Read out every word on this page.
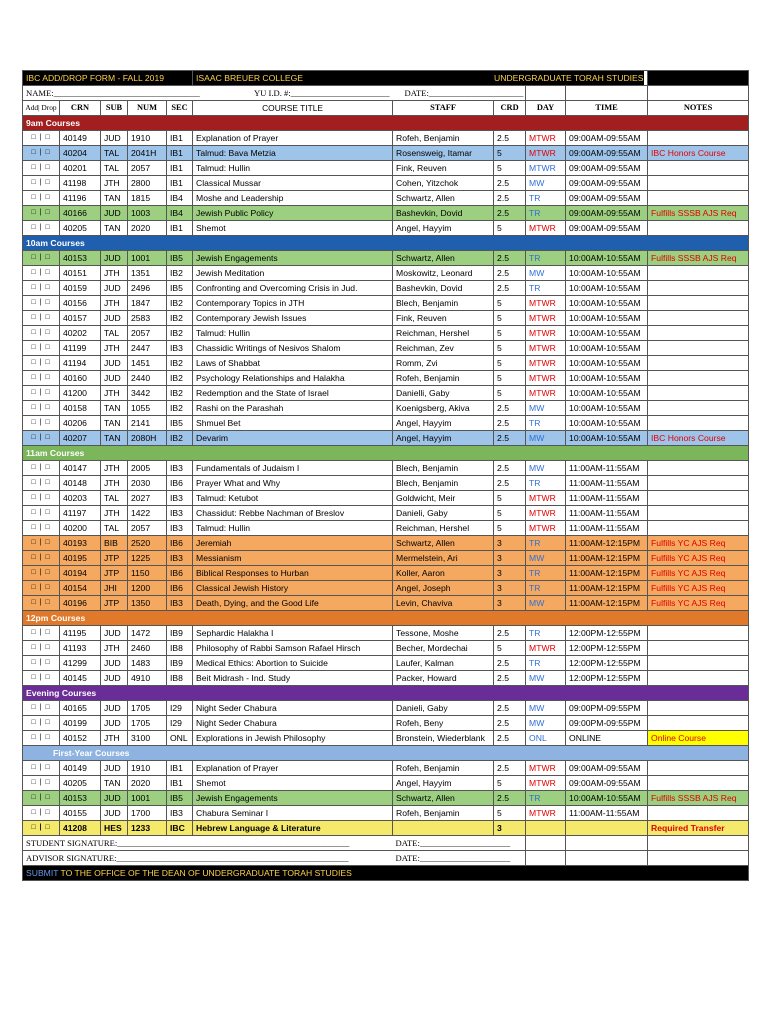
IBC ADD/DROP FORM - FALL 2019	ISAAC BREUER COLLEGE	UNDERGRADUATE TORAH STUDIES	
NAME:__________________________________	YU I.D. #:_______________________	DATE:______________________			
Add| Drop	CRN	SUB	NUM	SEC	COURSE TITLE	STAFF	CRD	DAY	TIME	NOTES
9am Courses
□ | □	40149	JUD	1910	IB1	Explanation of Prayer	Rofeh, Benjamin	2.5	MTWR	09:00AM-09:55AM	
□ | □	40204	TAL	2041H	IB1	Talmud: Bava Metzia	Rosensweig, Itamar	5	MTWR	09:00AM-09:55AM	IBC Honors Course
□ | □	40201	TAL	2057	IB1	Talmud: Hullin	Fink, Reuven	5	MTWR	09:00AM-09:55AM	
□ | □	41198	JTH	2800	IB1	Classical Mussar	Cohen, Yitzchok	2.5	MW	09:00AM-09:55AM	
□ | □	41196	TAN	1815	IB4	Moshe and Leadership	Schwartz, Allen	2.5	TR	09:00AM-09:55AM	
□ | □	40166	JUD	1003	IB4	Jewish Public Policy	Bashevkin, Dovid	2.5	TR	09:00AM-09:55AM	Fulfills SSSB AJS Req
□ | □	40205	TAN	2020	IB1	Shemot	Angel, Hayyim	5	MTWR	09:00AM-09:55AM	
10am Courses
□ | □	40153	JUD	1001	IB5	Jewish Engagements	Schwartz, Allen	2.5	TR	10:00AM-10:55AM	Fulfills SSSB AJS Req
□ | □	40151	JTH	1351	IB2	Jewish Meditation	Moskowitz, Leonard	2.5	MW	10:00AM-10:55AM	
□ | □	40159	JUD	2496	IB5	Confronting and Overcoming Crisis in Jud.	Bashevkin, Dovid	2.5	TR	10:00AM-10:55AM	
□ | □	40156	JTH	1847	IB2	Contemporary Topics in JTH	Blech, Benjamin	5	MTWR	10:00AM-10:55AM	
□ | □	40157	JUD	2583	IB2	Contemporary Jewish Issues	Fink, Reuven	5	MTWR	10:00AM-10:55AM	
□ | □	40202	TAL	2057	IB2	Talmud: Hullin	Reichman, Hershel	5	MTWR	10:00AM-10:55AM	
□ | □	41199	JTH	2447	IB3	Chassidic Writings of Nesivos Shalom	Reichman, Zev	5	MTWR	10:00AM-10:55AM	
□ | □	41194	JUD	1451	IB2	Laws of Shabbat	Romm, Zvi	5	MTWR	10:00AM-10:55AM	
□ | □	40160	JUD	2440	IB2	Psychology Relationships and Halakha	Rofeh, Benjamin	5	MTWR	10:00AM-10:55AM	
□ | □	41200	JTH	3442	IB2	Redemption and the State of Israel	Danielli, Gaby	5	MTWR	10:00AM-10:55AM	
□ | □	40158	TAN	1055	IB2	Rashi on the Parashah	Koenigsberg, Akiva	2.5	MW	10:00AM-10:55AM	
□ | □	40206	TAN	2141	IB5	Shmuel Bet	Angel, Hayyim	2.5	TR	10:00AM-10:55AM	
□ | □	40207	TAN	2080H	IB2	Devarim	Angel, Hayyim	2.5	MW	10:00AM-10:55AM	IBC Honors Course
11am Courses
□ | □	40147	JTH	2005	IB3	Fundamentals of Judaism I	Blech, Benjamin	2.5	MW	11:00AM-11:55AM	
□ | □	40148	JTH	2030	IB6	Prayer What and Why	Blech, Benjamin	2.5	TR	11:00AM-11:55AM	
□ | □	40203	TAL	2027	IB3	Talmud: Ketubot	Goldwicht, Meir	5	MTWR	11:00AM-11:55AM	
□ | □	41197	JTH	1422	IB3	Chassidut: Rebbe Nachman of Breslov	Danieli, Gaby	5	MTWR	11:00AM-11:55AM	
□ | □	40200	TAL	2057	IB3	Talmud: Hullin	Reichman, Hershel	5	MTWR	11:00AM-11:55AM	
□ | □	40193	BIB	2520	IB6	Jeremiah	Schwartz, Allen	3	TR	11:00AM-12:15PM	Fulfills YC AJS Req
□ | □	40195	JTP	1225	IB3	Messianism	Mermelstein, Ari	3	MW	11:00AM-12:15PM	Fulfills YC AJS Req
□ | □	40194	JTP	1150	IB6	Biblical Responses to Hurban	Koller, Aaron	3	TR	11:00AM-12:15PM	Fulfills YC AJS Req
□ | □	40154	JHI	1200	IB6	Classical Jewish History	Angel, Joseph	3	TR	11:00AM-12:15PM	Fulfills YC AJS Req
□ | □	40196	JTP	1350	IB3	Death, Dying, and the Good Life	Levin, Chaviva	3	MW	11:00AM-12:15PM	Fulfills YC AJS Req
12pm Courses
□ | □	41195	JUD	1472	IB9	Sephardic Halakha I	Tessone, Moshe	2.5	TR	12:00PM-12:55PM	
□ | □	41193	JTH	2460	IB8	Philosophy of Rabbi Samson Rafael Hirsch	Becher, Mordechai	5	MTWR	12:00PM-12:55PM	
□ | □	41299	JUD	1483	IB9	Medical Ethics: Abortion to Suicide	Laufer, Kalman	2.5	TR	12:00PM-12:55PM	
□ | □	40145	JUD	4910	IB8	Beit Midrash - Ind. Study	Packer, Howard	2.5	MW	12:00PM-12:55PM	
Evening Courses
□ | □	40165	JUD	1705	I29	Night Seder Chabura	Danieli, Gaby	2.5	MW	09:00PM-09:55PM	
□ | □	40199	JUD	1705	I29	Night Seder Chabura	Rofeh, Beny	2.5	MW	09:00PM-09:55PM	
□ | □	40152	JTH	3100	ONL	Explorations in Jewish Philosophy	Bronstein, Wiederblank	2.5	ONL	ONLINE	Online Course
First-Year Courses
□ | □	40149	JUD	1910	IB1	Explanation of Prayer	Rofeh, Benjamin	2.5	MTWR	09:00AM-09:55AM	
□ | □	40205	TAN	2020	IB1	Shemot	Angel, Hayyim	5	MTWR	09:00AM-09:55AM	
□ | □	40153	JUD	1001	IB5	Jewish Engagements	Schwartz, Allen	2.5	TR	10:00AM-10:55AM	Fulfills SSSB AJS Req
□ | □	40155	JUD	1700	IB3	Chabura Seminar I	Rofeh, Benjamin	5	MTWR	11:00AM-11:55AM	
□ | □	41208	HES	1233	IBC	Hebrew Language & Literature		3			Required Transfer
STUDENT SIGNATURE:______________________________________________________	DATE:_____________________			
ADVISOR SIGNATURE:______________________________________________________	DATE:_____________________			
SUBMIT TO THE OFFICE OF THE DEAN OF UNDERGRADUATE TORAH STUDIES
